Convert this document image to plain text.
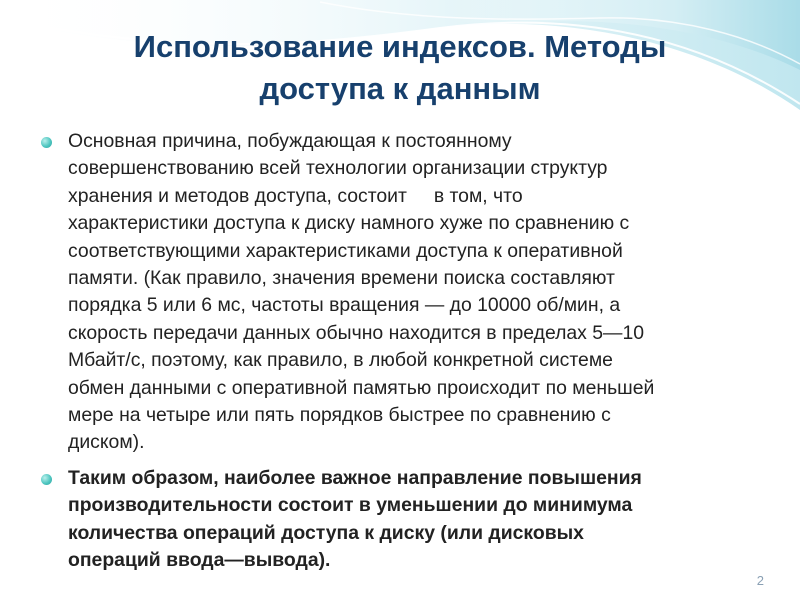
Использование индексов. Методы
доступа к данным
Основная причина, побуждающая к постоянному
совершенствованию всей технологии организации структур
хранения и методов доступа, состоит     в том, что
характеристики доступа к диску намного хуже по сравнению с
соответствующими характеристиками доступа к оперативной
памяти. (Как правило, значения времени поиска составляют
порядка 5 или 6 мс, частоты вращения — до 10000 об/мин, а
скорость передачи данных обычно находится в пределах 5—10
Мбайт/с, поэтому, как правило, в любой конкретной системе
обмен данными с оперативной памятью происходит по меньшей
мере на четыре или пять порядков быстрее по сравнению с
диском).
Таким образом, наиболее важное направление повышения
производительности состоит в уменьшении до минимума
количества операций доступа к диску (или дисковых
операций ввода—вывода).
2
